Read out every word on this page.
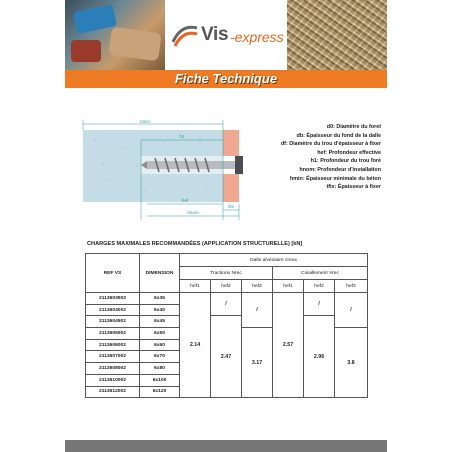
Vis -express
Fiche Technique
hmin
h1
hef
hnom
tfix
d0: Diamètre du foret
db: Épaisseur du fond de la dalle
df: Diamètre du trou d'épaisseur à fixer
hef: Profondeur effective
h1: Profondeur du trou foré
hnom: Profondeur d'installation
hmin: Épaisseur minimale du béton
tfix: Épaisseur à fixer
CHARGES MAXIMALES RECOMMANDÉES (APPLICATION STRUCTURELLE) [kN]
REF VS	DIMENSION	Dalle alvéolaire creux					
		Tractions Nrec			Cisaillement Vrec		
		hef1	hef2	hef3	hef1	hef2	hef3
2113603502	6x35	2.14	/	/	2.57	/	/
2113604002	6x40						
2113604502	6x45		2.47			2.96	
2113605002	6x50			3.17			3.8
2113606002	6x60						
2113607002	6x70						
2113608002	6x80						
2113610002	6x100						
2113612002	6x120						
